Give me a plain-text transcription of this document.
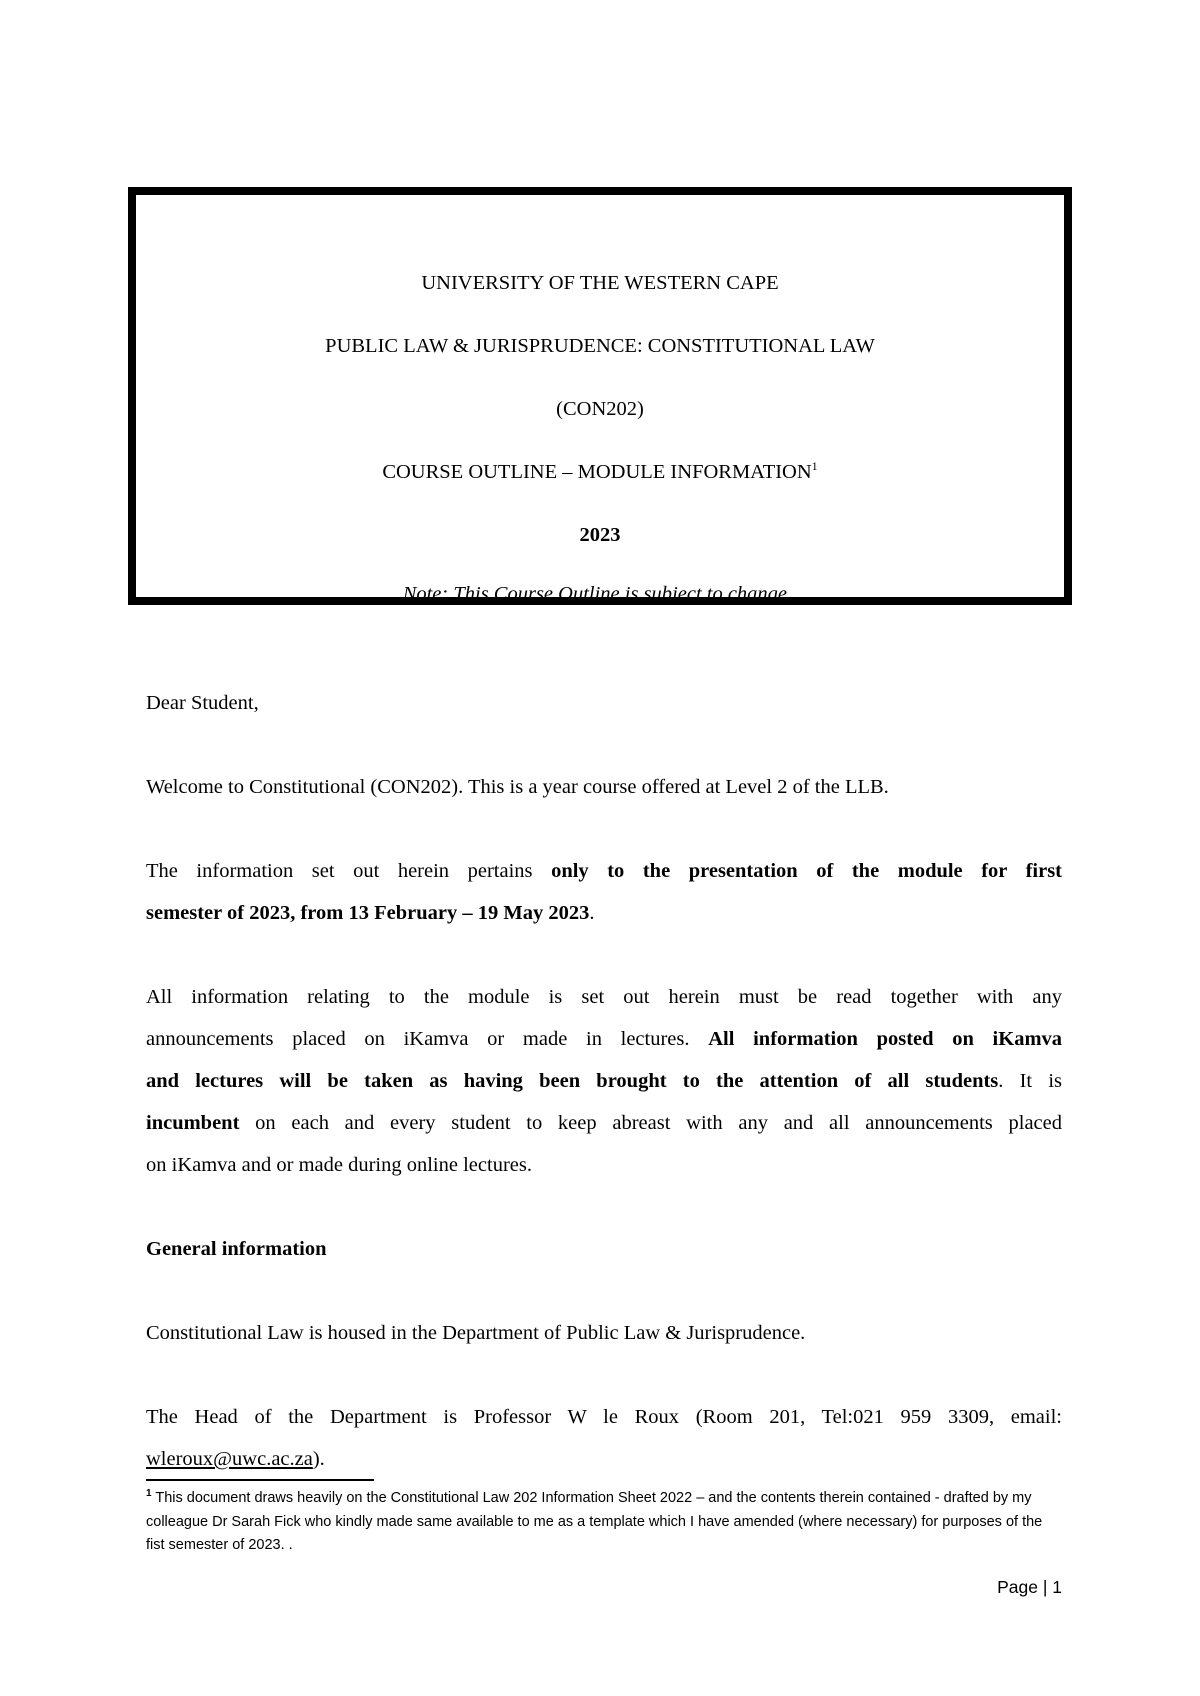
UNIVERSITY OF THE WESTERN CAPE
PUBLIC LAW & JURISPRUDENCE: CONSTITUTIONAL LAW
(CON202)
COURSE OUTLINE – MODULE INFORMATION$^1$
2023
Note: This Course Outline is subject to change
Dear Student,
Welcome to Constitutional (CON202). This is a year course offered at Level 2 of the LLB.
The information set out herein pertains only to the presentation of the module for first
semester of 2023, from 13 February – 19 May 2023.
All information relating to the module is set out herein must be read together with any
announcements placed on iKamva or made in lectures. All information posted on iKamva
and lectures will be taken as having been brought to the attention of all students. It is
incumbent on each and every student to keep abreast with any and all announcements placed
on iKamva and or made during online lectures.
General information
Constitutional Law is housed in the Department of Public Law & Jurisprudence.
The Head of the Department is Professor W le Roux (Room 201, Tel:021 959 3309, email:
wleroux@uwc.ac.za).
$^1$ This document draws heavily on the Constitutional Law 202 Information Sheet 2022 – and the contents therein contained - drafted by my colleague Dr Sarah Fick who kindly made same available to me as a template which I have amended (where necessary) for purposes of the fist semester of 2023. .
Page | 1
